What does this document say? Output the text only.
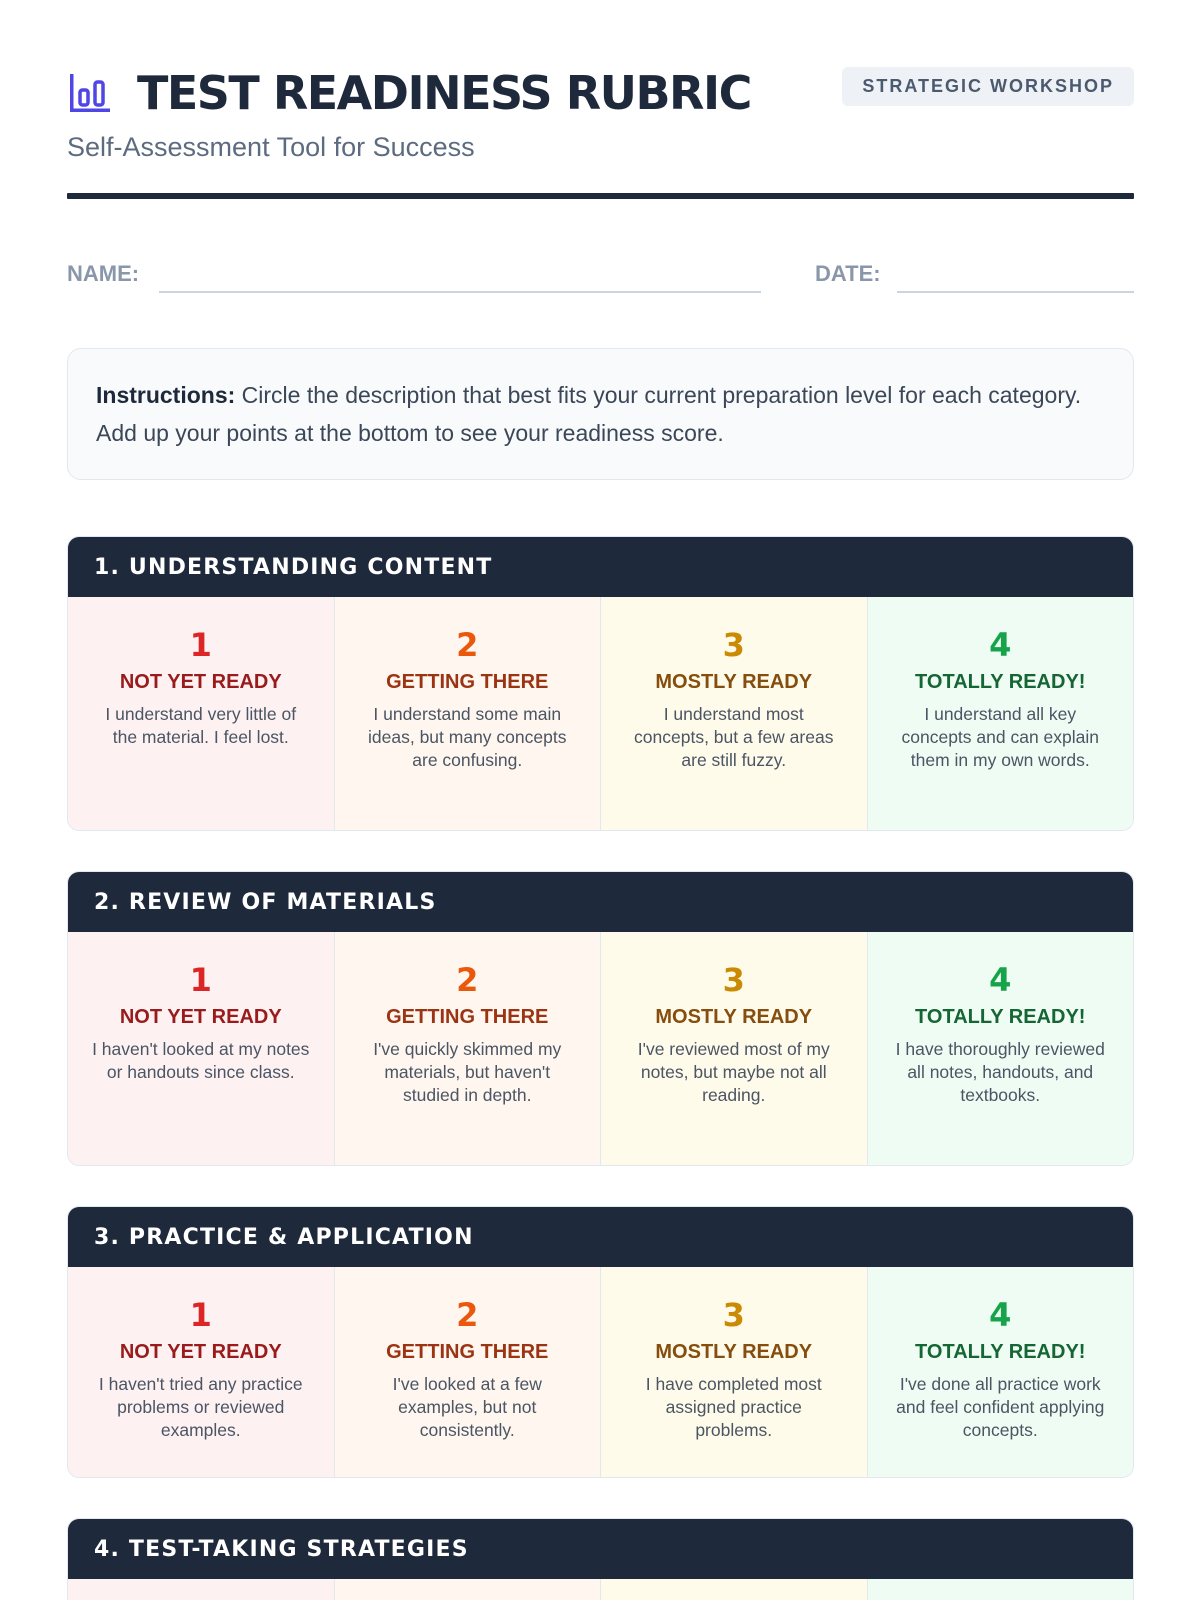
TEST READINESS RUBRIC	STRATEGIC WORKSHOP
Self-Assessment Tool for Success
NAME:	DATE:
Instructions: Circle the description that best fits your current preparation level for each category. Add up your points at the bottom to see your readiness score.
1. UNDERSTANDING CONTENT
1
NOT YET READY
I understand very little of the material. I feel lost.
2
GETTING THERE
I understand some main ideas, but many concepts are confusing.
3
MOSTLY READY
I understand most concepts, but a few areas are still fuzzy.
4
TOTALLY READY!
I understand all key concepts and can explain them in my own words.
2. REVIEW OF MATERIALS
1
NOT YET READY
I haven't looked at my notes or handouts since class.
2
GETTING THERE
I've quickly skimmed my materials, but haven't studied in depth.
3
MOSTLY READY
I've reviewed most of my notes, but maybe not all reading.
4
TOTALLY READY!
I have thoroughly reviewed all notes, handouts, and textbooks.
3. PRACTICE & APPLICATION
1
NOT YET READY
I haven't tried any practice problems or reviewed examples.
2
GETTING THERE
I've looked at a few examples, but not consistently.
3
MOSTLY READY
I have completed most assigned practice problems.
4
TOTALLY READY!
I've done all practice work and feel confident applying concepts.
4. TEST-TAKING STRATEGIES
